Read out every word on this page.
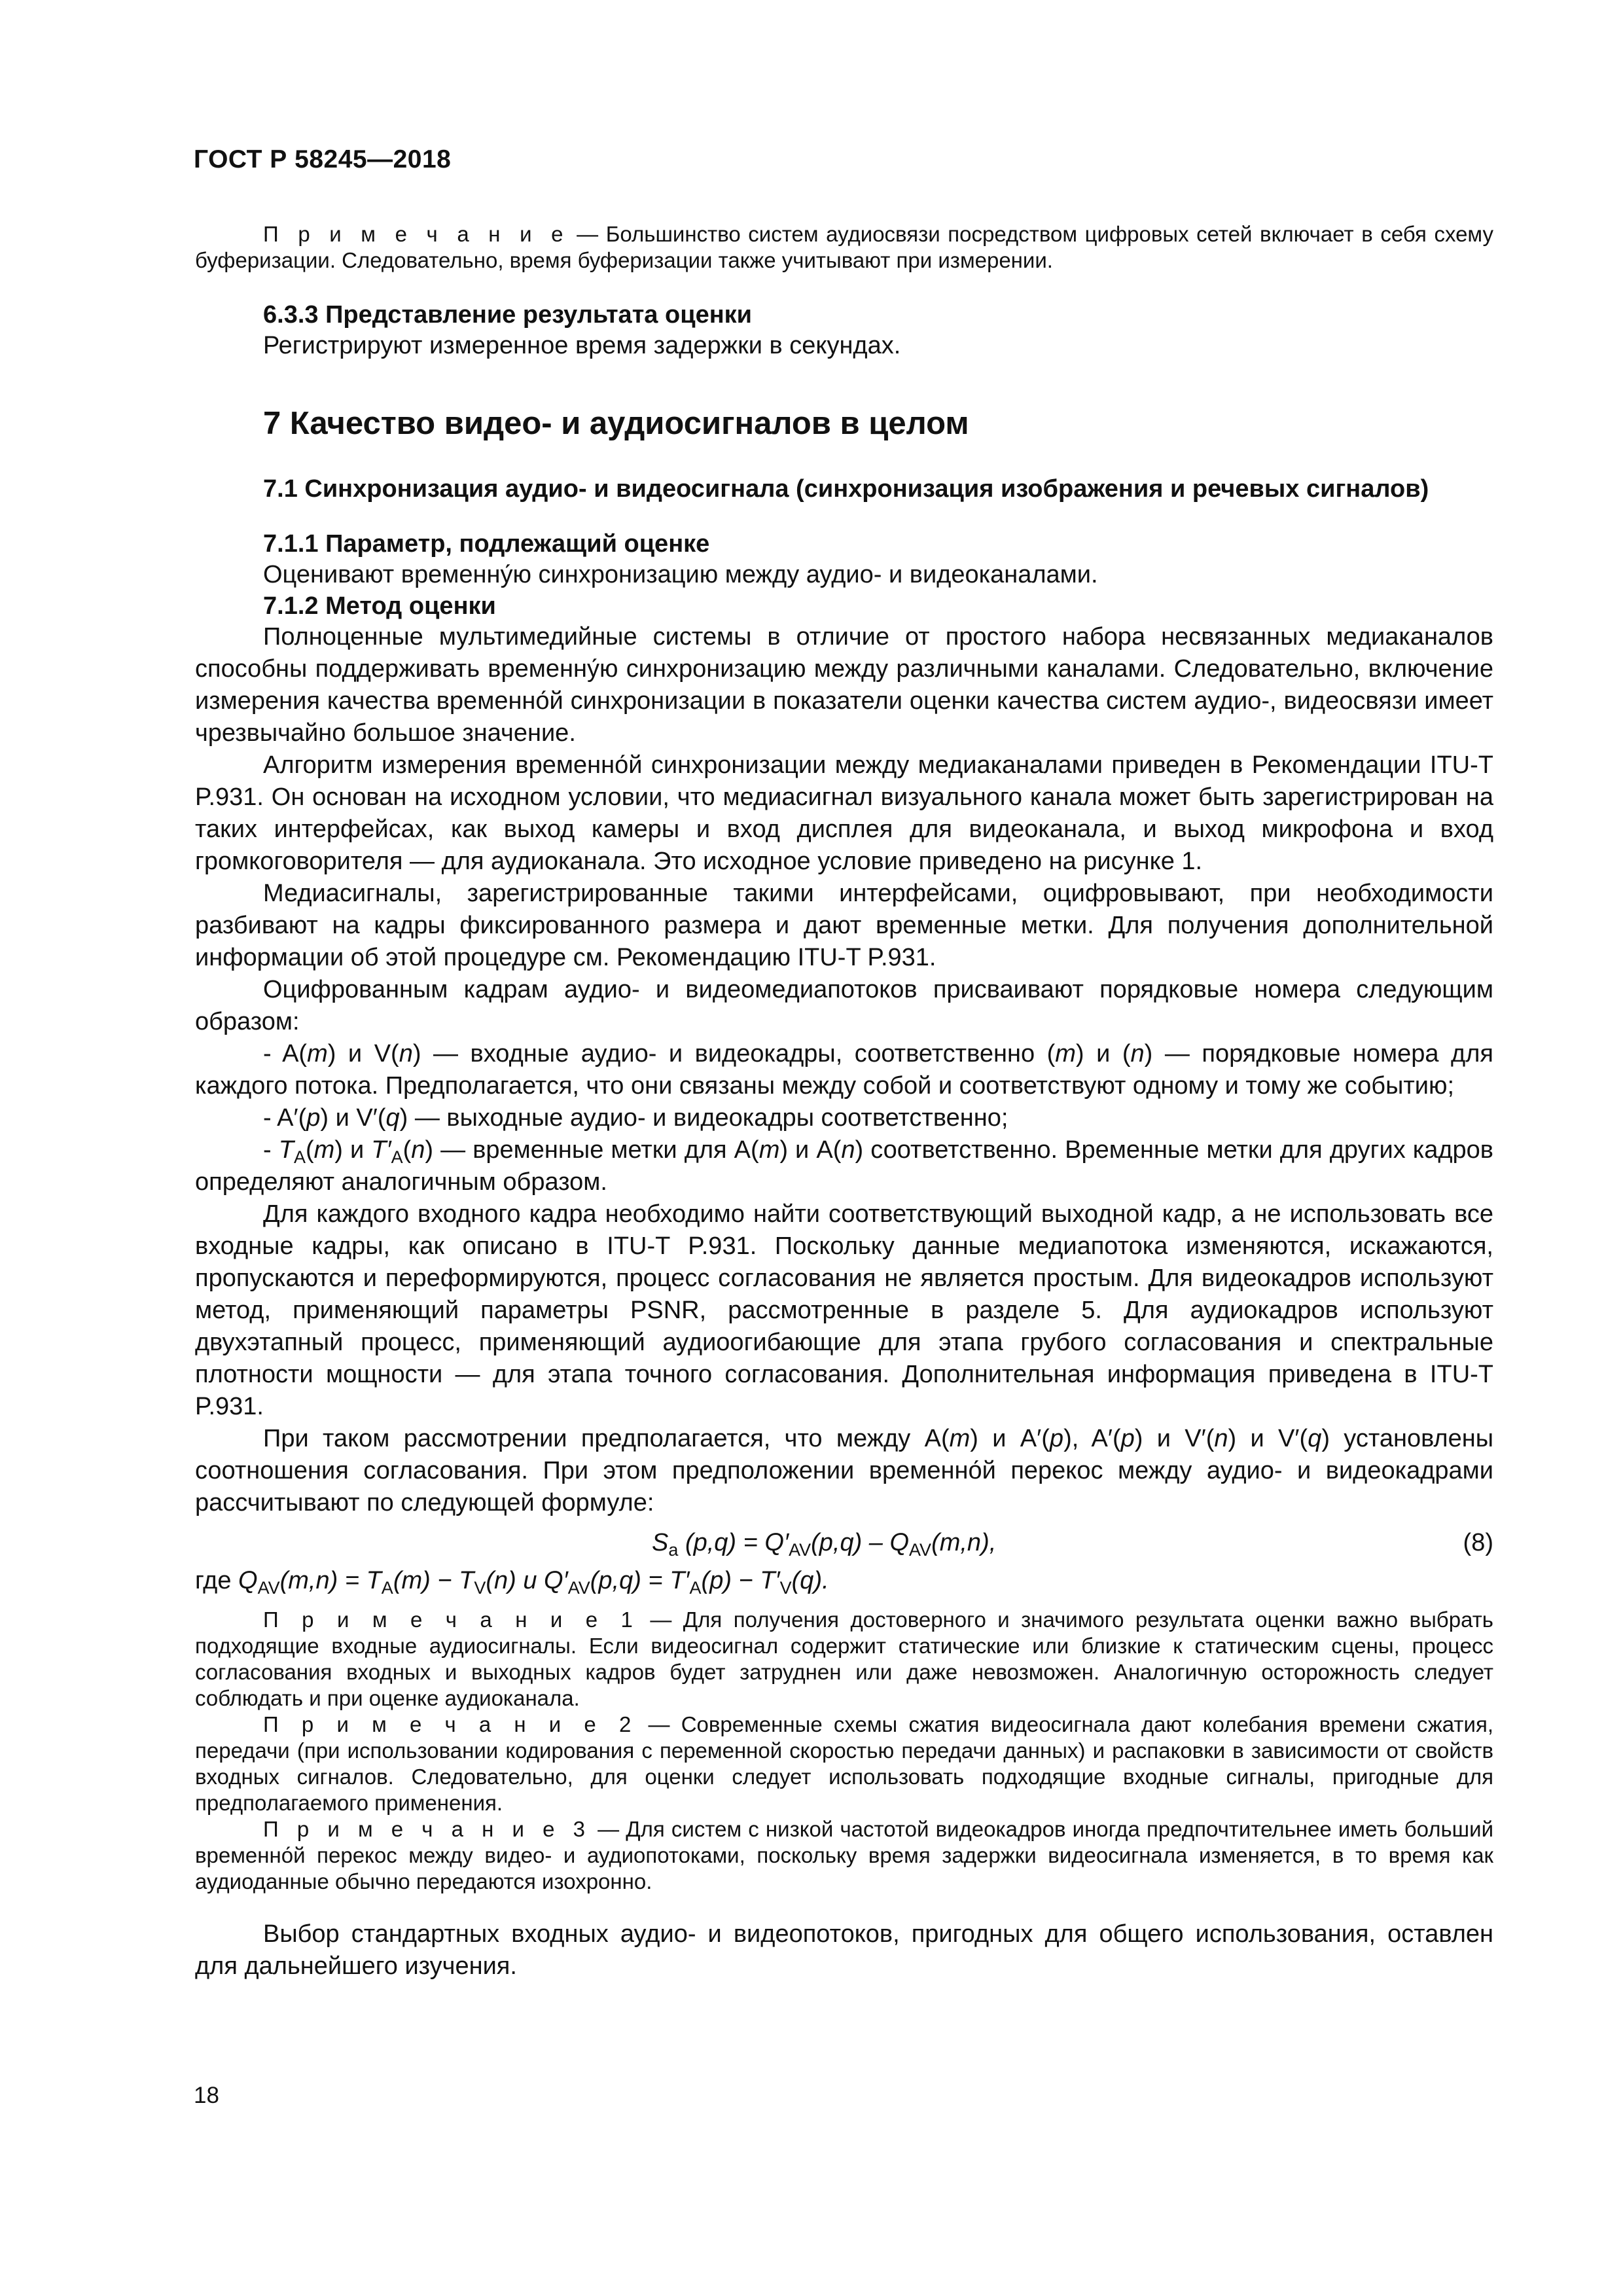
ГОСТ Р 58245—2018

П р и м е ч а н и е — Большинство систем аудиосвязи посредством цифровых сетей включает в себя схему буферизации. Следовательно, время буферизации также учитывают при измерении.

6.3.3 Представление результата оценки
Регистрируют измеренное время задержки в секундах.
7 Качество видео- и аудиосигналов в целом
7.1 Синхронизация аудио- и видеосигнала (синхронизация изображения и речевых сигналов)
7.1.1 Параметр, подлежащий оценке
Оценивают временну́ю синхронизацию между аудио- и видеоканалами.
7.1.2 Метод оценки

Полноценные мультимедийные системы в отличие от простого набора несвязанных медиаканалов способны поддерживать временну́ю синхронизацию между различными каналами. Следовательно, включение измерения качества временно́й синхронизации в показатели оценки качества систем аудио-, видеосвязи имеет чрезвычайно большое значение.

Алгоритм измерения временно́й синхронизации между медиаканалами приведен в Рекомендации ITU-T P.931. Он основан на исходном условии, что медиасигнал визуального канала может быть зарегистрирован на таких интерфейсах, как выход камеры и вход дисплея для видеоканала, и выход микрофона и вход громкоговорителя — для аудиоканала. Это исходное условие приведено на рисунке 1.

Медиасигналы, зарегистрированные такими интерфейсами, оцифровывают, при необходимости разбивают на кадры фиксированного размера и дают временные метки. Для получения дополнительной информации об этой процедуре см. Рекомендацию ITU-T P.931.

Оцифрованным кадрам аудио- и видеомедиапотоков присваивают порядковые номера следующим образом:

- A(m) и V(n) — входные аудио- и видеокадры, соответственно (m) и (n) — порядковые номера для каждого потока. Предполагается, что они связаны между собой и соответствуют одному и тому же событию;

- A′(p) и V′(q) — выходные аудио- и видеокадры соответственно;

- $T_A(m)$ и $T'_A(n)$ — временные метки для A(m) и A(n) соответственно. Временные метки для других кадров определяют аналогичным образом.

Для каждого входного кадра необходимо найти соответствующий выходной кадр, а не использовать все входные кадры, как описано в ITU-T P.931. Поскольку данные медиапотока изменяются, искажаются, пропускаются и переформируются, процесс согласования не является простым. Для видеокадров используют метод, применяющий параметры PSNR, рассмотренные в разделе 5. Для аудиокадров используют двухэтапный процесс, применяющий аудиоогибающие для этапа грубого согласования и спектральные плотности мощности — для этапа точного согласования. Дополнительная информация приведена в ITU-T P.931.

При таком рассмотрении предполагается, что между A(m) и A′(p), A′(p) и V′(n) и V′(q) установлены соотношения согласования. При этом предположении временно́й перекос между аудио- и видеокадрами рассчитывают по следующей формуле:

$S_a$ $(p,q) = Q'_{AV}(p,q) - Q_{AV}(m,n)$,	(8)

где $Q_{AV}(m,n) = T_A(m) - T_V(n)$ и $Q'_{AV}(p,q) = T'_A(p) - T'_V(q)$.

П р и м е ч а н и е 1 — Для получения достоверного и значимого результата оценки важно выбрать подходящие входные аудиосигналы. Если видеосигнал содержит статические или близкие к статическим сцены, процесс согласования входных и выходных кадров будет затруднен или даже невозможен. Аналогичную осторожность следует соблюдать и при оценке аудиоканала.

П р и м е ч а н и е 2 — Современные схемы сжатия видеосигнала дают колебания времени сжатия, передачи (при использовании кодирования с переменной скоростью передачи данных) и распаковки в зависимости от свойств входных сигналов. Следовательно, для оценки следует использовать подходящие входные сигналы, пригодные для предполагаемого применения.

П р и м е ч а н и е 3 — Для систем с низкой частотой видеокадров иногда предпочтительнее иметь больший временно́й перекос между видео- и аудиопотоками, поскольку время задержки видеосигнала изменяется, в то время как аудиоданные обычно передаются изохронно.

Выбор стандартных входных аудио- и видеопотоков, пригодных для общего использования, оставлен для дальнейшего изучения.

18
